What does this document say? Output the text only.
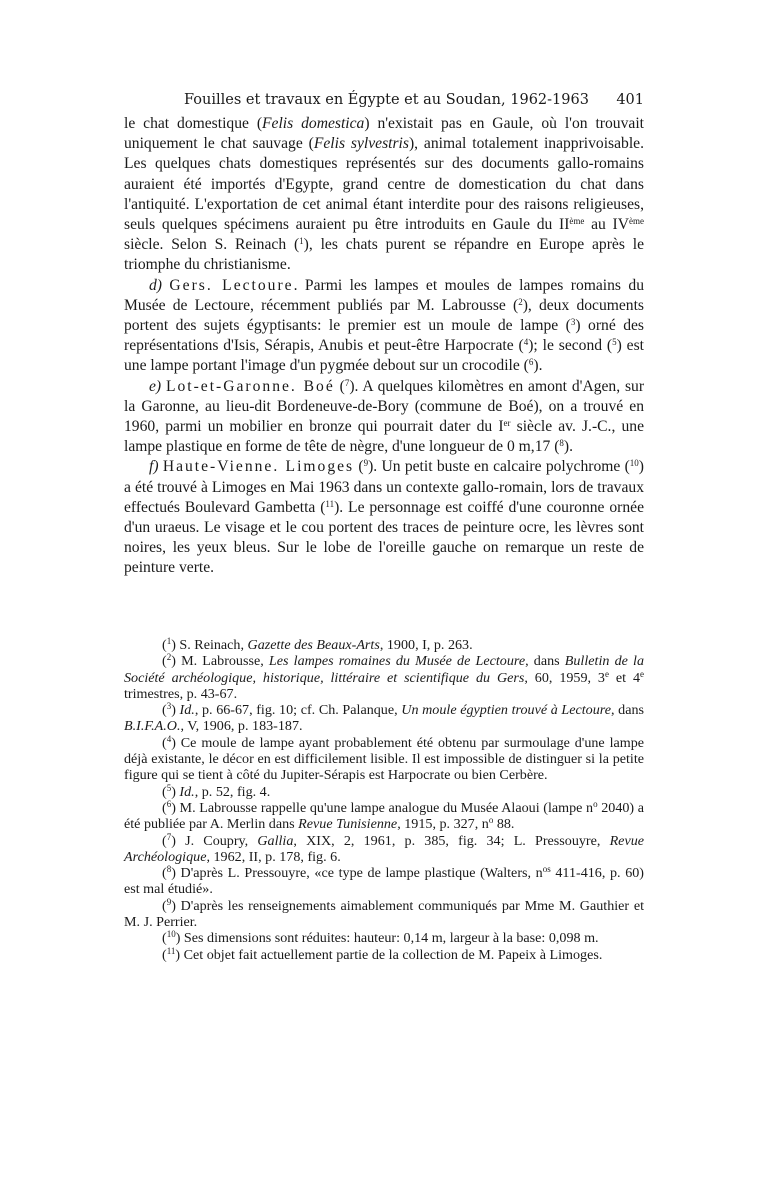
Fouilles et travaux en Égypte et au Soudan, 1962-1963 401

le chat domestique (Felis domestica) n'existait pas en Gaule, où l'on trouvait uniquement le chat sauvage (Felis sylvestris), animal totalement inapprivoisable. Les quelques chats domestiques représentés sur des documents gallo-romains auraient été importés d'Egypte, grand centre de domestication du chat dans l'antiquité. L'exportation de cet animal étant interdite pour des raisons religieuses, seuls quelques spécimens auraient pu être introduits en Gaule du IIème au IVème siècle. Selon S. Reinach ($^1$), les chats purent se répandre en Europe après le triomphe du christianisme.

d) Gers. Lectoure. Parmi les lampes et moules de lampes romains du Musée de Lectoure, récemment publiés par M. Labrousse ($^2$), deux documents portent des sujets égyptisants: le premier est un moule de lampe ($^3$) orné des représentations d'Isis, Sérapis, Anubis et peut-être Harpocrate ($^4$); le second ($^5$) est une lampe portant l'image d'un pygmée debout sur un crocodile ($^6$).

e) Lot-et-Garonne. Boé ($^7$). A quelques kilomètres en amont d'Agen, sur la Garonne, au lieu-dit Bordeneuve-de-Bory (commune de Boé), on a trouvé en 1960, parmi un mobilier en bronze qui pourrait dater du Ier siècle av. J.-C., une lampe plastique en forme de tête de nègre, d'une longueur de 0 m,17 ($^8$).

f) Haute-Vienne. Limoges ($^9$). Un petit buste en calcaire polychrome ($^{10}$) a été trouvé à Limoges en Mai 1963 dans un contexte gallo-romain, lors de travaux effectués Boulevard Gambetta ($^{11}$). Le personnage est coiffé d'une couronne ornée d'un uraeus. Le visage et le cou portent des traces de peinture ocre, les lèvres sont noires, les yeux bleus. Sur le lobe de l'oreille gauche on remarque un reste de peinture verte.

($^1$) S. Reinach, Gazette des Beaux-Arts, 1900, I, p. 263.

($^2$) M. Labrousse, Les lampes romaines du Musée de Lectoure, dans Bulletin de la Société archéologique, historique, littéraire et scientifique du Gers, 60, 1959, 3e et 4e trimestres, p. 43-67.

($^3$) Id., p. 66-67, fig. 10; cf. Ch. Palanque, Un moule égyptien trouvé à Lectoure, dans B.I.F.A.O., V, 1906, p. 183-187.

($^4$) Ce moule de lampe ayant probablement été obtenu par surmoulage d'une lampe déjà existante, le décor en est difficilement lisible. Il est impossible de distinguer si la petite figure qui se tient à côté du Jupiter-Sérapis est Harpocrate ou bien Cerbère.

($^5$) Id., p. 52, fig. 4.

($^6$) M. Labrousse rappelle qu'une lampe analogue du Musée Alaoui (lampe $n^o$ 2040) a été publiée par A. Merlin dans Revue Tunisienne, 1915, p. 327, $n^o$ 88.

($^7$) J. Coupry, Gallia, XIX, 2, 1961, p. 385, fig. 34; L. Pressouyre, Revue Archéologique, 1962, II, p. 178, fig. 6.

($^8$) D'après L. Pressouyre, «ce type de lampe plastique (Walters, $n^{os}$ 411-416, p. 60) est mal étudié».

($^9$) D'après les renseignements aimablement communiqués par Mme M. Gauthier et M. J. Perrier.

($^{10}$) Ses dimensions sont réduites: hauteur: 0,14 m, largeur à la base: 0,098 m.

($^{11}$) Cet objet fait actuellement partie de la collection de M. Papeix à Limoges.
